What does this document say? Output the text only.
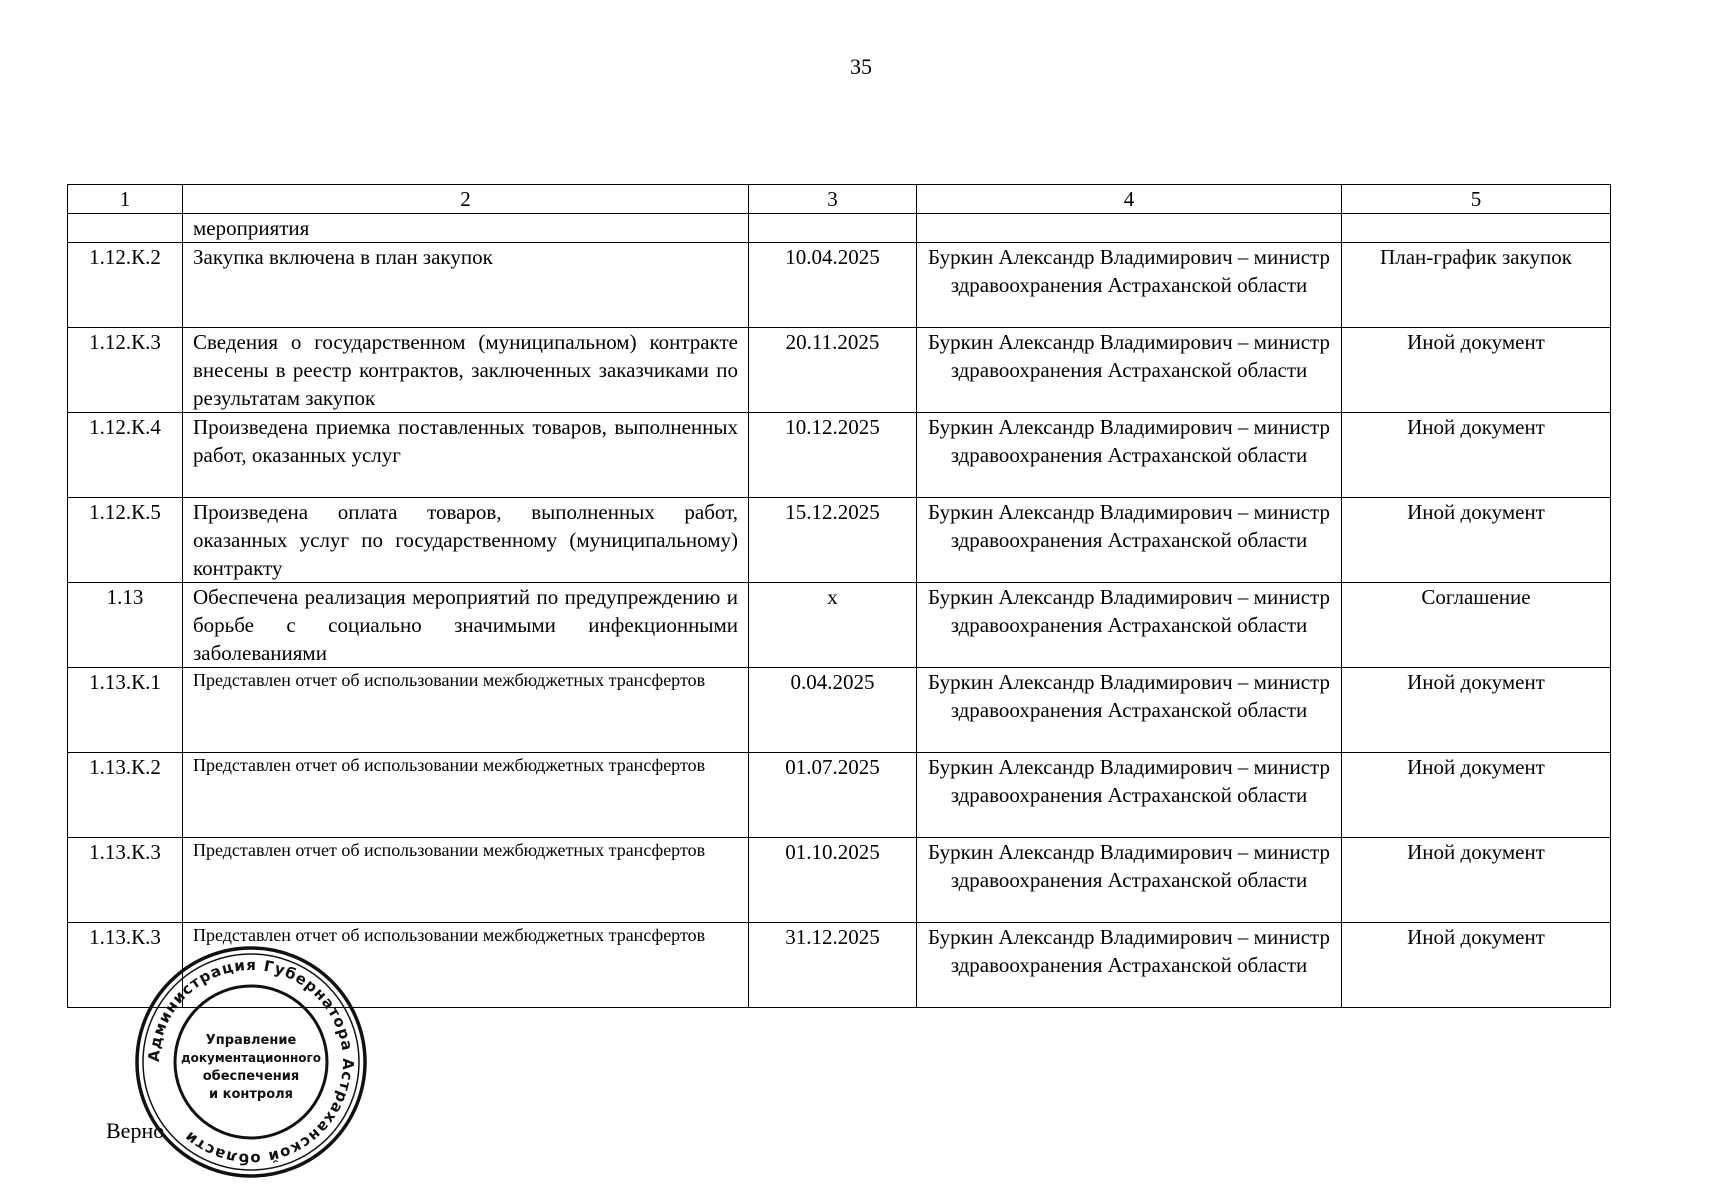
35
1	2	3	4	5
	мероприятия			
1.12.К.2	Закупка включена в план закупок	10.04.2025	Буркин Александр Владимирович – министр здравоохранения Астраханской области	План-график закупок
1.12.К.3	Сведения о государственном (муниципальном) контракте внесены в реестр контрактов, заключенных заказчиками по результатам закупок	20.11.2025	Буркин Александр Владимирович – министр здравоохранения Астраханской области	Иной документ
1.12.К.4	Произведена приемка поставленных товаров, выполненных работ, оказанных услуг	10.12.2025	Буркин Александр Владимирович – министр здравоохранения Астраханской области	Иной документ
1.12.К.5	Произведена оплата товаров, выполненных работ, оказанных услуг по государственному (муниципальному) контракту	15.12.2025	Буркин Александр Владимирович – министр здравоохранения Астраханской области	Иной документ
1.13	Обеспечена реализация мероприятий по предупреждению и борьбе с социально значимыми инфекционными заболеваниями	x	Буркин Александр Владимирович – министр здравоохранения Астраханской области	Соглашение
1.13.К.1	Представлен отчет об использовании межбюджетных трансфертов	0.04.2025	Буркин Александр Владимирович – министр здравоохранения Астраханской области	Иной документ
1.13.К.2	Представлен отчет об использовании межбюджетных трансфертов	01.07.2025	Буркин Александр Владимирович – министр здравоохранения Астраханской области	Иной документ
1.13.К.3	Представлен отчет об использовании межбюджетных трансфертов	01.10.2025	Буркин Александр Владимирович – министр здравоохранения Астраханской области	Иной документ
1.13.К.3	Представлен отчет об использовании межбюджетных трансфертов	31.12.2025	Буркин Александр Владимирович – министр здравоохранения Астраханской области	Иной документ
Верно
Администрация Губернатора Астраханской области
Управление
документационного
обеспечения
и контроля
